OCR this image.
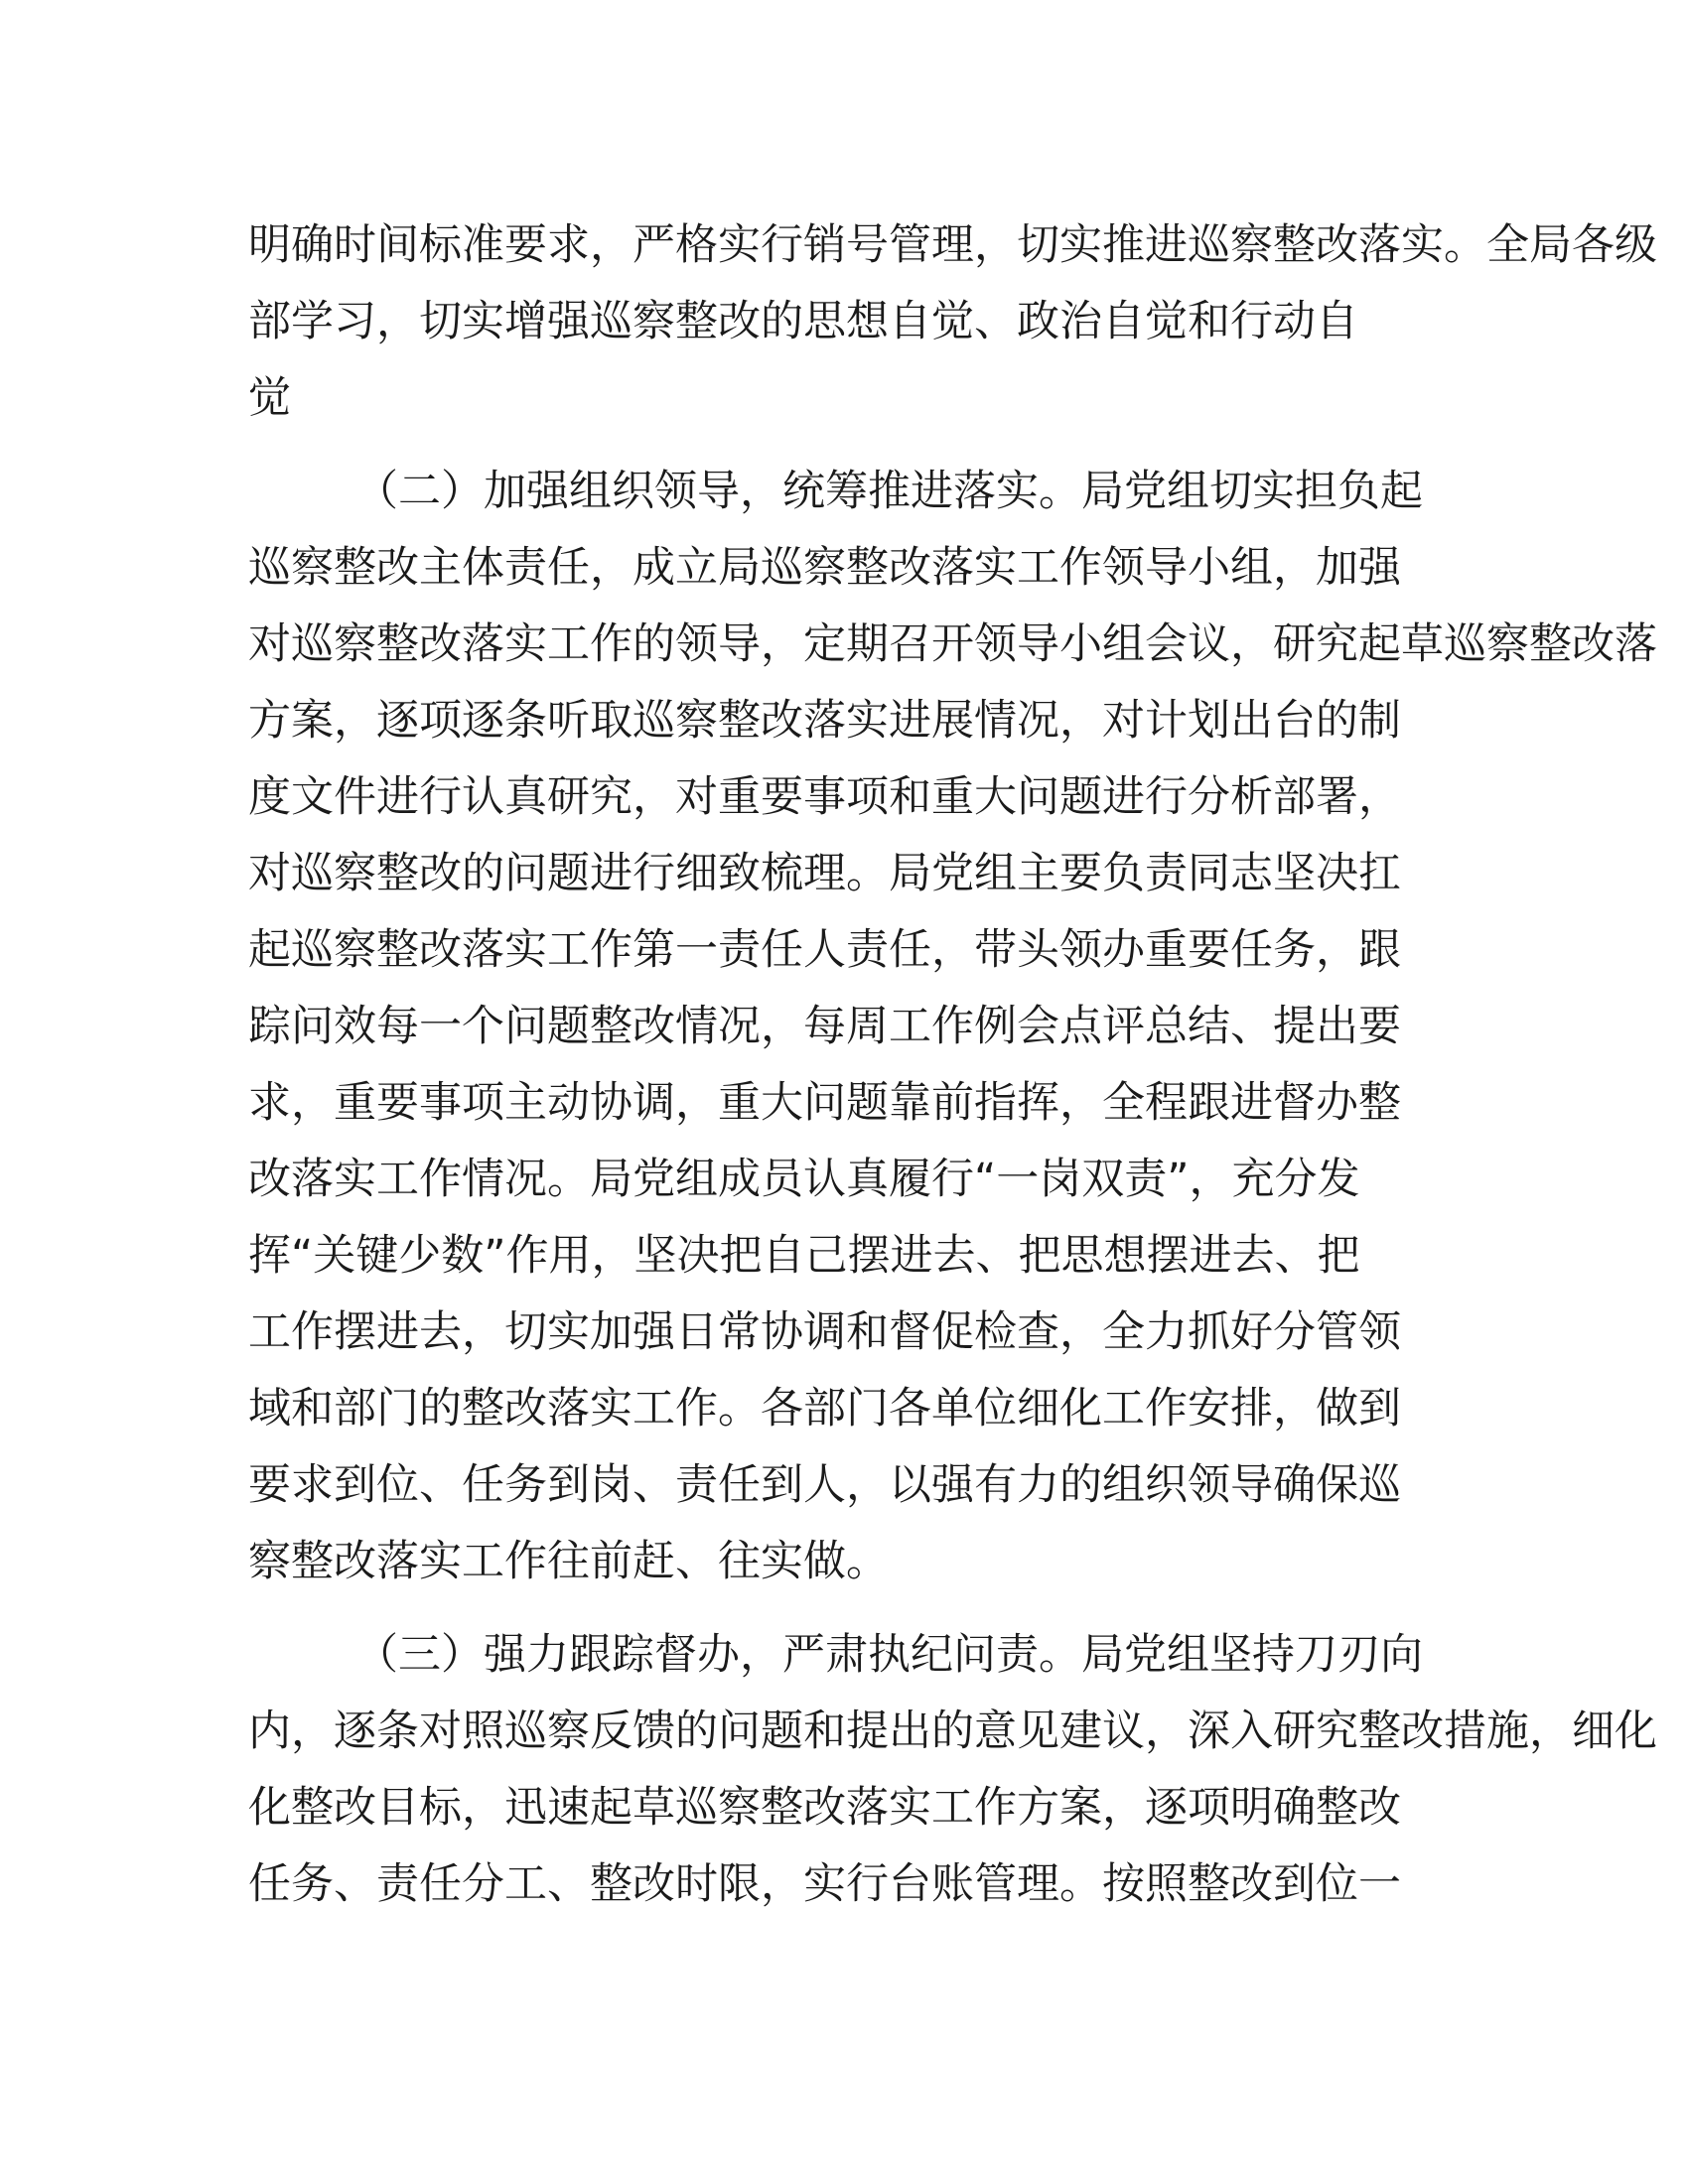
明确时间标准要求，严格实行销号管理，切实推进巡察整改落实。全局各级
部学习，切实增强巡察整改的思想自觉、政治自觉和行动自
觉
（二）加强组织领导，统筹推进落实。局党组切实担负起
巡察整改主体责任，成立局巡察整改落实工作领导小组，加强
对巡察整改落实工作的领导，定期召开领导小组会议，研究起草巡察整改落
方案，逐项逐条听取巡察整改落实进展情况，对计划出台的制
度文件进行认真研究，对重要事项和重大问题进行分析部署，
对巡察整改的问题进行细致梳理。局党组主要负责同志坚决扛
起巡察整改落实工作第一责任人责任，带头领办重要任务，跟
踪问效每一个问题整改情况，每周工作例会点评总结、提出要
求，重要事项主动协调，重大问题靠前指挥，全程跟进督办整
改落实工作情况。局党组成员认真履行“一岗双责”，充分发
挥“关键少数”作用，坚决把自己摆进去、把思想摆进去、把
工作摆进去，切实加强日常协调和督促检查，全力抓好分管领
域和部门的整改落实工作。各部门各单位细化工作安排，做到
要求到位、任务到岗、责任到人，以强有力的组织领导确保巡
察整改落实工作往前赶、往实做。
（三）强力跟踪督办，严肃执纪问责。局党组坚持刀刃向
内，逐条对照巡察反馈的问题和提出的意见建议，深入研究整改措施，细化
化整改目标，迅速起草巡察整改落实工作方案，逐项明确整改
任务、责任分工、整改时限，实行台账管理。按照整改到位一
